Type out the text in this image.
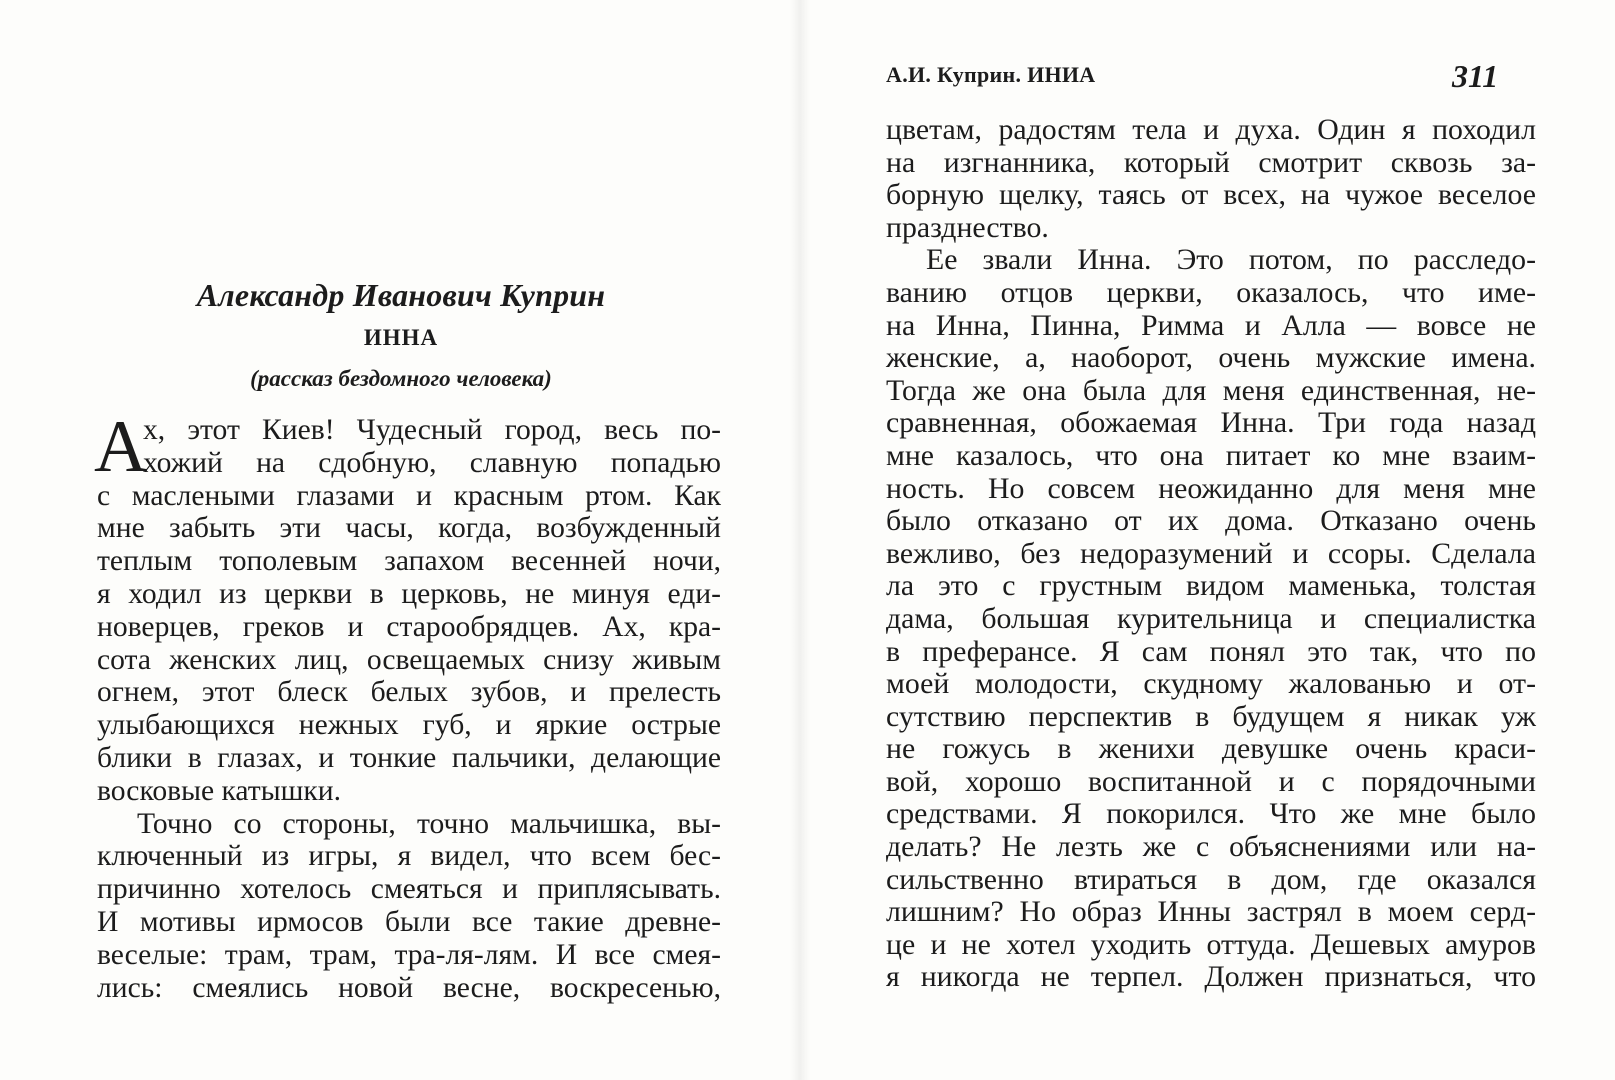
Александр Иванович Куприн
ИННА
(рассказ бездомного человека)
А
х, этот Киев! Чудесный город, весь по-
хожий на сдобную, славную попадью
с маслеными глазами и красным ртом. Как
мне забыть эти часы, когда, возбужденный
теплым тополевым запахом весенней ночи,
я ходил из церкви в церковь, не минуя еди-
новерцев, греков и старообрядцев. Ах, кра-
сота женских лиц, освещаемых снизу живым
огнем, этот блеск белых зубов, и прелесть
улыбающихся нежных губ, и яркие острые
блики в глазах, и тонкие пальчики, делающие
восковые катышки.
Точно со стороны, точно мальчишка, вы-
ключенный из игры, я видел, что всем бес-
причинно хотелось смеяться и приплясывать.
И мотивы ирмосов были все такие древне-
веселые: трам, трам, тра-ля-лям. И все смея-
лись: смеялись новой весне, воскресенью,
А.И. Куприн. ИНИА	311
цветам, радостям тела и духа. Один я походил
на изгнанника, который смотрит сквозь за-
борную щелку, таясь от всех, на чужое веселое
празднество.
Ее звали Инна. Это потом, по расследо-
ванию отцов церкви, оказалось, что име-
на Инна, Пинна, Римма и Алла — вовсе не
женские, а, наоборот, очень мужские имена.
Тогда же она была для меня единственная, не-
сравненная, обожаемая Инна. Три года назад
мне казалось, что она питает ко мне взаим-
ность. Но совсем неожиданно для меня мне
было отказано от их дома. Отказано очень
вежливо, без недоразумений и ссоры. Сделала
ла это с грустным видом маменька, толстая
дама, большая курительница и специалистка
в преферансе. Я сам понял это так, что по
моей молодости, скудному жалованью и от-
сутствию перспектив в будущем я никак уж
не гожусь в женихи девушке очень краси-
вой, хорошо воспитанной и с порядочными
средствами. Я покорился. Что же мне было
делать? Не лезть же с объяснениями или на-
сильственно втираться в дом, где оказался
лишним? Но образ Инны застрял в моем серд-
це и не хотел уходить оттуда. Дешевых амуров
я никогда не терпел. Должен признаться, что
